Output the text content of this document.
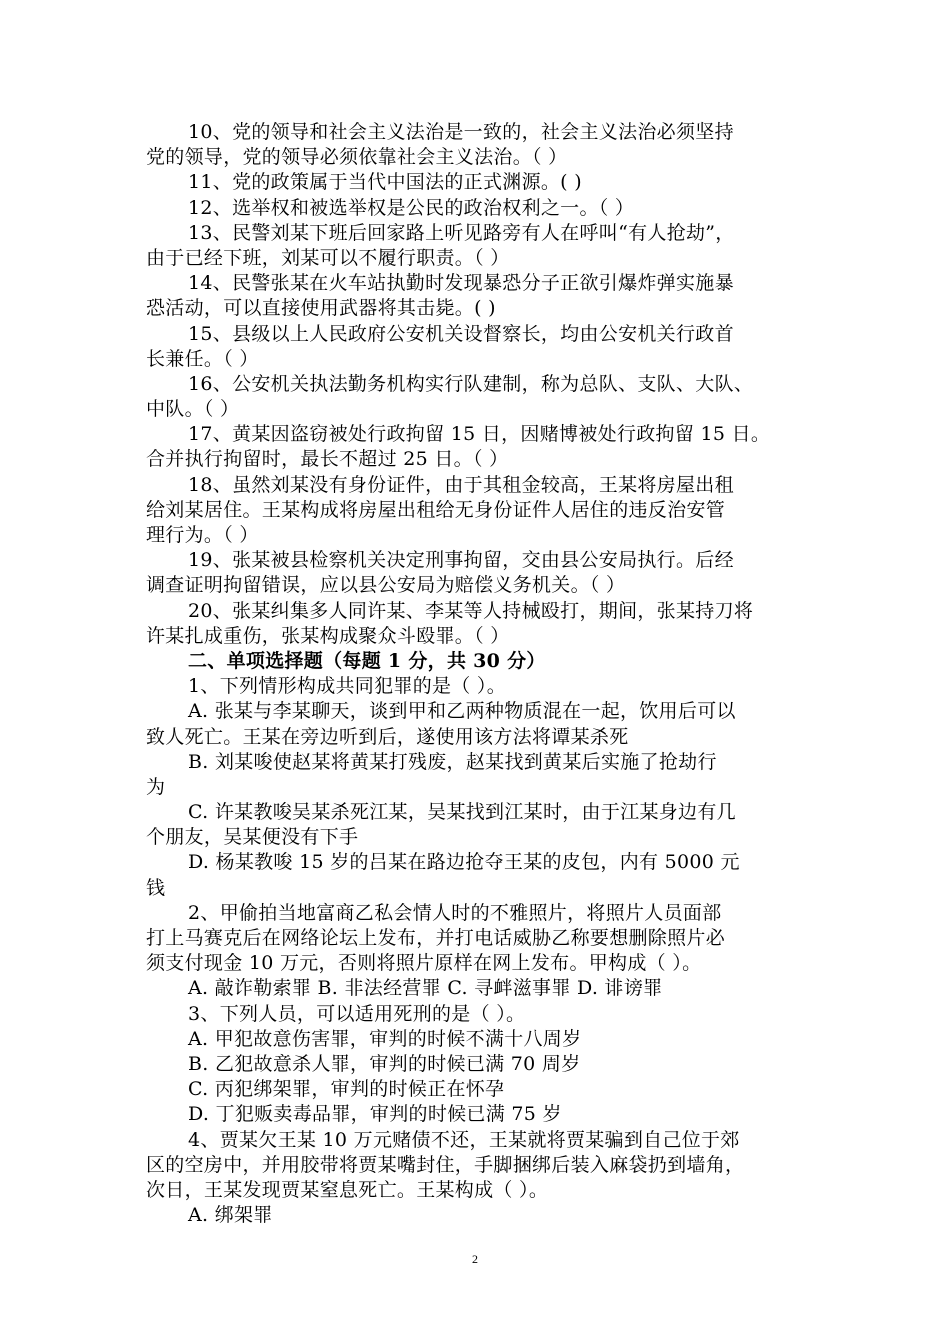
10、党的领导和社会主义法治是一致的，社会主义法治必须坚持
党的领导，党的领导必须依靠社会主义法治。（ ）
11、党的政策属于当代中国法的正式渊源。( )
12、选举权和被选举权是公民的政治权利之一。（ ）
13、民警刘某下班后回家路上听见路旁有人在呼叫“有人抢劫”，
由于已经下班，刘某可以不履行职责。（ ）
14、民警张某在火车站执勤时发现暴恐分子正欲引爆炸弹实施暴
恐活动，可以直接使用武器将其击毙。( )
15、县级以上人民政府公安机关设督察长，均由公安机关行政首
长兼任。（ ）
16、公安机关执法勤务机构实行队建制，称为总队、支队、大队、
中队。（ ）
17、黄某因盗窃被处行政拘留 15 日，因赌博被处行政拘留 15 日。
合并执行拘留时，最长不超过 25 日。（ ）
18、虽然刘某没有身份证件，由于其租金较高，王某将房屋出租
给刘某居住。王某构成将房屋出租给无身份证件人居住的违反治安管
理行为。（ ）
19、张某被县检察机关决定刑事拘留，交由县公安局执行。后经
调查证明拘留错误，应以县公安局为赔偿义务机关。（ ）
20、张某纠集多人同许某、李某等人持械殴打，期间，张某持刀将
许某扎成重伤，张某构成聚众斗殴罪。（ ）
二、单项选择题（每题 1 分，共 30 分）
1、下列情形构成共同犯罪的是（ ）。
A. 张某与李某聊天，谈到甲和乙两种物质混在一起，饮用后可以
致人死亡。王某在旁边听到后，遂使用该方法将谭某杀死
B. 刘某唆使赵某将黄某打残废，赵某找到黄某后实施了抢劫行
为
C. 许某教唆吴某杀死江某，吴某找到江某时，由于江某身边有几
个朋友，吴某便没有下手
D. 杨某教唆 15 岁的吕某在路边抢夺王某的皮包，内有 5000 元
钱
2、甲偷拍当地富商乙私会情人时的不雅照片，将照片人员面部
打上马赛克后在网络论坛上发布，并打电话威胁乙称要想删除照片必
须支付现金 10 万元，否则将照片原样在网上发布。甲构成（ ）。
A. 敲诈勒索罪 B. 非法经营罪 C. 寻衅滋事罪 D. 诽谤罪
3、下列人员，可以适用死刑的是（ ）。
A. 甲犯故意伤害罪，审判的时候不满十八周岁
B. 乙犯故意杀人罪，审判的时候已满 70 周岁
C. 丙犯绑架罪，审判的时候正在怀孕
D. 丁犯贩卖毒品罪，审判的时候已满 75 岁
4、贾某欠王某 10 万元赌债不还，王某就将贾某骗到自己位于郊
区的空房中，并用胶带将贾某嘴封住，手脚捆绑后装入麻袋扔到墙角，
次日，王某发现贾某窒息死亡。王某构成（ ）。
A. 绑架罪
2
